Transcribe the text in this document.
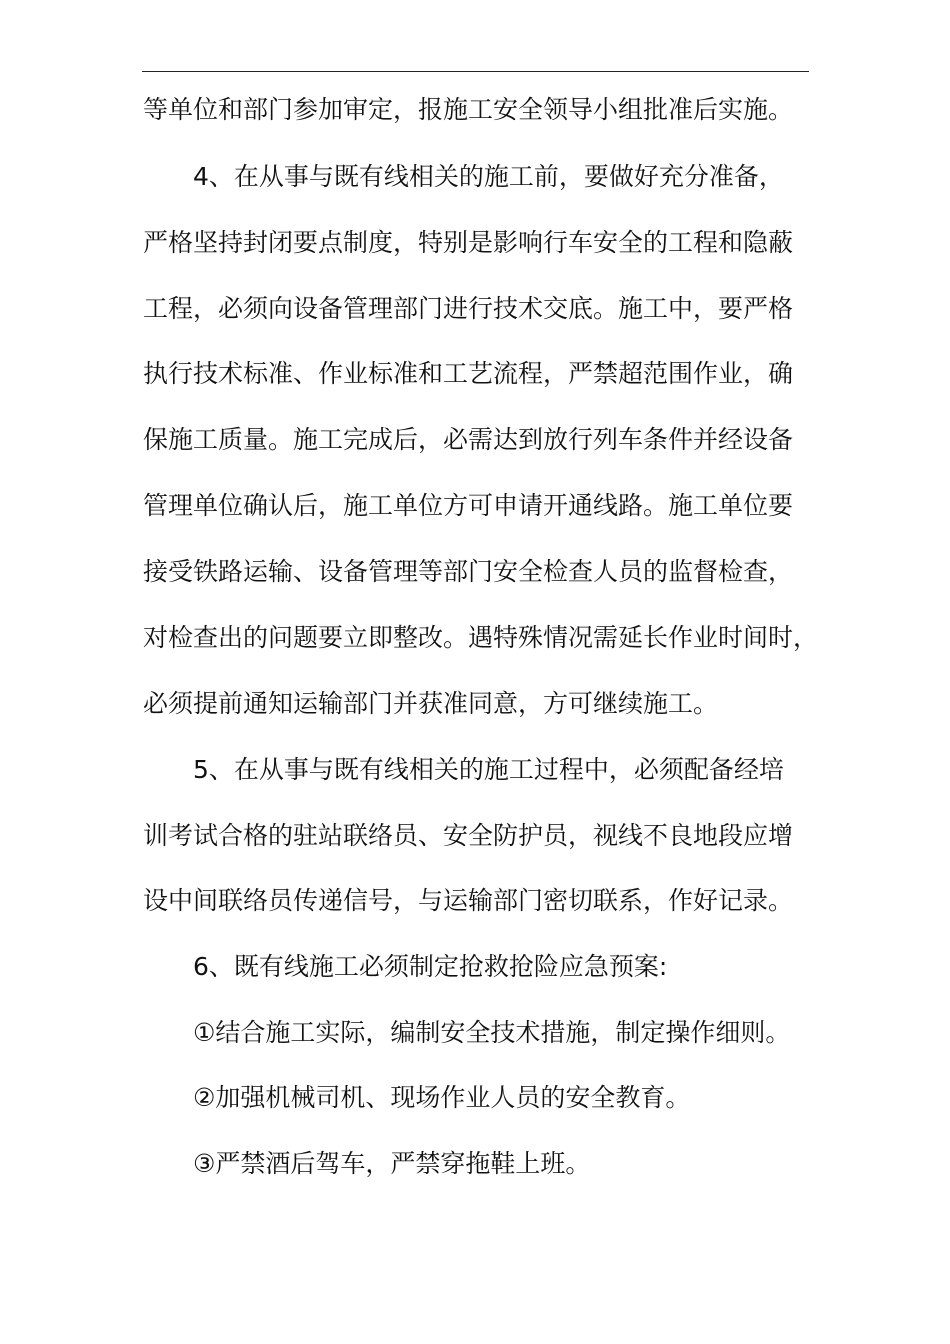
等单位和部门参加审定，报施工安全领导小组批准后实施。
4、在从事与既有线相关的施工前，要做好充分准备，
严格坚持封闭要点制度，特别是影响行车安全的工程和隐蔽
工程，必须向设备管理部门进行技术交底。施工中，要严格
执行技术标准、作业标准和工艺流程，严禁超范围作业，确
保施工质量。施工完成后，必需达到放行列车条件并经设备
管理单位确认后，施工单位方可申请开通线路。施工单位要
接受铁路运输、设备管理等部门安全检查人员的监督检查，
对检查出的问题要立即整改。遇特殊情况需延长作业时间时，
必须提前通知运输部门并获准同意，方可继续施工。
5、在从事与既有线相关的施工过程中，必须配备经培
训考试合格的驻站联络员、安全防护员，视线不良地段应增
设中间联络员传递信号，与运输部门密切联系，作好记录。
6、既有线施工必须制定抢救抢险应急预案:
①结合施工实际，编制安全技术措施，制定操作细则。
②加强机械司机、现场作业人员的安全教育。
③严禁酒后驾车，严禁穿拖鞋上班。
